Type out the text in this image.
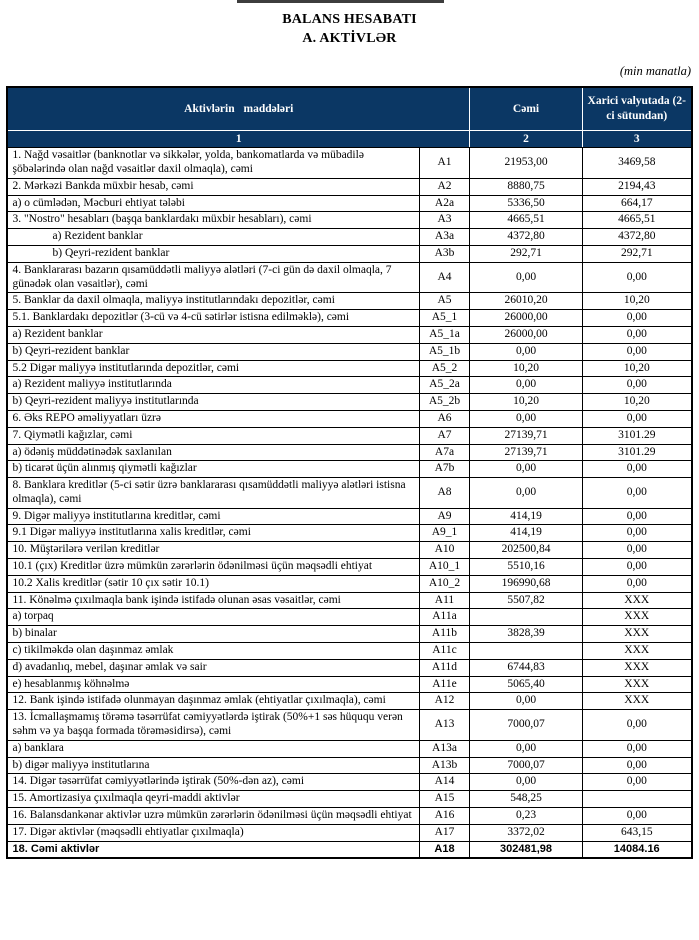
BALANS HESABATI
A. AKTİVLƏR
(min manatla)
Aktivlərin maddələri		Cəmi	Xarici valyutada (2-ci sütundan)
1		2	3
1. Nağd vəsaitlər (banknotlar və sikkələr, yolda, bankomatlarda və mübadilə şöbələrində olan nağd vəsaitlər daxil olmaqla), cəmi	A1	21953,00	3469,58
2. Mərkəzi Bankda müxbir hesab, cəmi	A2	8880,75	2194,43
a) o cümlədən, Məcburi ehtiyat tələbi	A2a	5336,50	664,17
3. "Nostro" hesabları (başqa banklardakı müxbir hesabları), cəmi	A3	4665,51	4665,51
a) Rezident banklar	A3a	4372,80	4372,80
b) Qeyri-rezident banklar	A3b	292,71	292,71
4. Banklararası bazarın qısamüddətli maliyyə alətləri (7-ci gün də daxil olmaqla, 7 günədək olan vəsaitlər), cəmi	A4	0,00	0,00
5. Banklar da daxil olmaqla, maliyyə institutlarındakı depozitlər, cəmi	A5	26010,20	10,20
5.1. Banklardakı depozitlər (3-cü və 4-cü sətirlər istisna edilməklə), cəmi	A5_1	26000,00	0,00
a) Rezident banklar	A5_1a	26000,00	0,00
b) Qeyri-rezident banklar	A5_1b	0,00	0,00
5.2 Digər maliyyə institutlarında depozitlər, cəmi	A5_2	10,20	10,20
a) Rezident maliyyə institutlarında	A5_2a	0,00	0,00
b) Qeyri-rezident maliyyə institutlarında	A5_2b	10,20	10,20
6. Əks REPO əməliyyatları üzrə	A6	0,00	0,00
7. Qiymətli kağızlar, cəmi	A7	27139,71	3101.29
a) ödəniş müddətinədək saxlanılan	A7a	27139,71	3101.29
b) ticarət üçün alınmış qiymətli kağızlar	A7b	0,00	0,00
8. Banklara kreditlər (5-ci sətir üzrə banklararası qısamüddətli maliyyə alətləri istisna olmaqla), cəmi	A8	0,00	0,00
9. Digər maliyyə institutlarına kreditlər, cəmi	A9	414,19	0,00
9.1 Digər maliyyə institutlarına xalis kreditlər, cəmi	A9_1	414,19	0,00
10. Müştərilərə verilən kreditlər	A10	202500,84	0,00
10.1 (çıx) Kreditlər üzrə mümkün zərərlərin ödənilməsi üçün məqsədli ehtiyat	A10_1	5510,16	0,00
10.2 Xalis kreditlər (sətir 10 çıx sətir 10.1)	A10_2	196990,68	0,00
11. Könəlmə çıxılmaqla bank işində istifadə olunan əsas vəsaitlər, cəmi	A11	5507,82	XXX
a) torpaq	A11a		XXX
b) binalar	A11b	3828,39	XXX
c) tikilməkdə olan daşınmaz əmlak	A11c		XXX
d) avadanlıq, mebel, daşınar əmlak və sair	A11d	6744,83	XXX
e) hesablanmış köhnəlmə	A11e	5065,40	XXX
12. Bank işində istifadə olunmayan daşınmaz əmlak (ehtiyatlar çıxılmaqla), cəmi	A12	0,00	XXX
13. İcmallaşmamış törəmə təsərrüfat cəmiyyətlərdə iştirak (50%+1 səs hüququ verən səhm və ya başqa formada törəməsidirsə), cəmi	A13	7000,07	0,00
a) banklara	A13a	0,00	0,00
b) digər maliyyə institutlarına	A13b	7000,07	0,00
14. Digər təsərrüfat cəmiyyətlərində iştirak (50%-dən az), cəmi	A14	0,00	0,00
15. Amortizasiya çıxılmaqla qeyri-maddi aktivlər	A15	548,25	
16. Balansdankənar aktivlər uzrə mümkün zərərlərin ödənilməsi üçün məqsədli ehtiyat	A16	0,23	0,00
17. Digər aktivlər (məqsədli ehtiyatlar çıxılmaqla)	A17	3372,02	643,15
18. Cəmi aktivlər	A18	302481,98	14084.16
